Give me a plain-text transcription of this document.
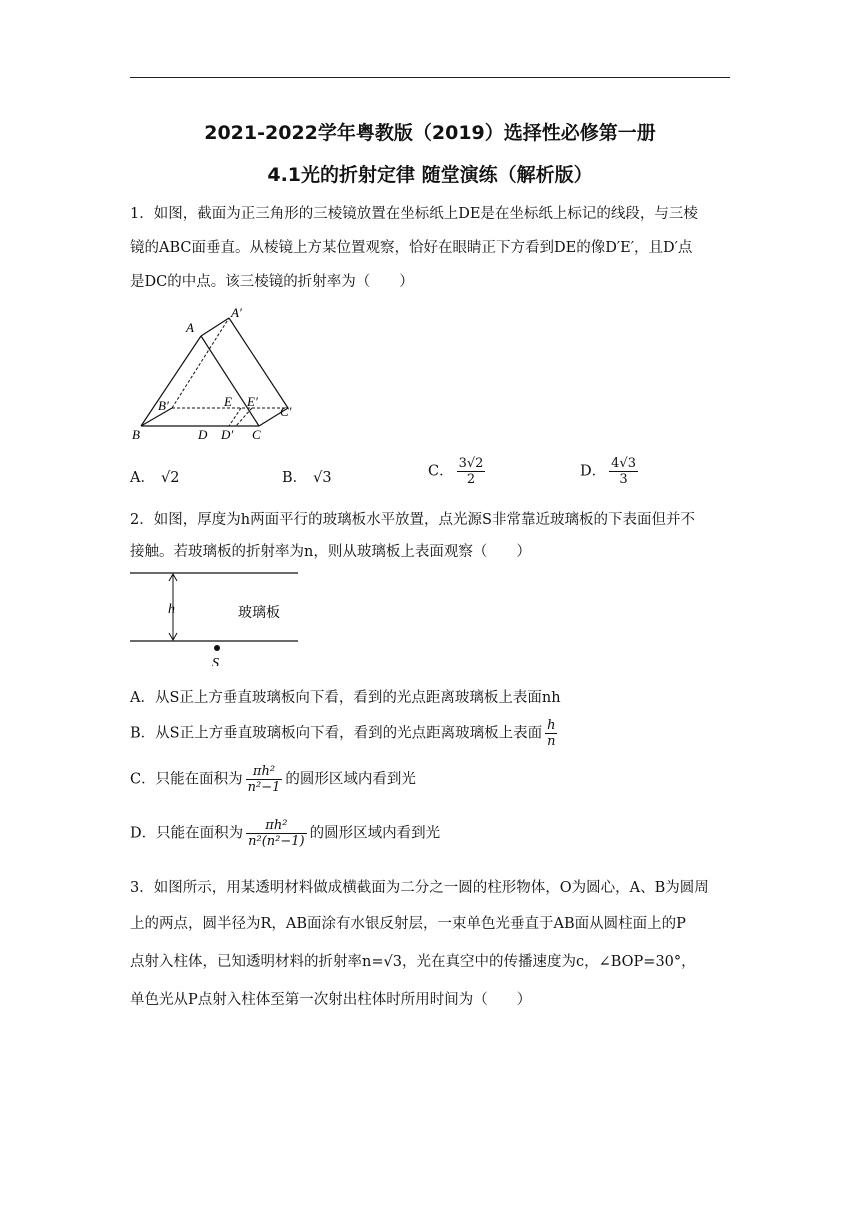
2021-2022学年粤教版（2019）选择性必修第一册
4.1光的折射定律 随堂演练（解析版）
1．如图，截面为正三角形的三棱镜放置在坐标纸上DE是在坐标纸上标记的线段，与三棱
镜的ABC面垂直。从棱镜上方某位置观察，恰好在眼睛正下方看到DE的像D′E′，且D′点
是DC的中点。该三棱镜的折射率为（　　）
A
A′
B
B′	E E′
C′
D D′ C
A． √2	B． √3	C． $\frac{3√2}{2}$	D． $\frac{4√3}{3}$
2．如图，厚度为h两面平行的玻璃板水平放置，点光源S非常靠近玻璃板的下表面但并不
接触。若玻璃板的折射率为n，则从玻璃板上表面观察（　　）
h	玻璃板
S
A．从S正上方垂直玻璃板向下看，看到的光点距离玻璃板上表面nh
B．从S正上方垂直玻璃板向下看，看到的光点距离玻璃板上表面 $\frac{h}{n}$
C．只能在面积为 $\frac{\text{πh²}}{\text{n²−1}}$ 的圆形区域内看到光
D．只能在面积为 $\frac{\text{πh²}}{\text{n²(n²−1)}}$ 的圆形区域内看到光
3．如图所示，用某透明材料做成横截面为二分之一圆的柱形物体，O为圆心，A、B为圆周
上的两点，圆半径为R，AB面涂有水银反射层，一束单色光垂直于AB面从圆柱面上的P
点射入柱体，已知透明材料的折射率n=√3，光在真空中的传播速度为c，∠BOP=30°，
单色光从P点射入柱体至第一次射出柱体时所用时间为（　　）
